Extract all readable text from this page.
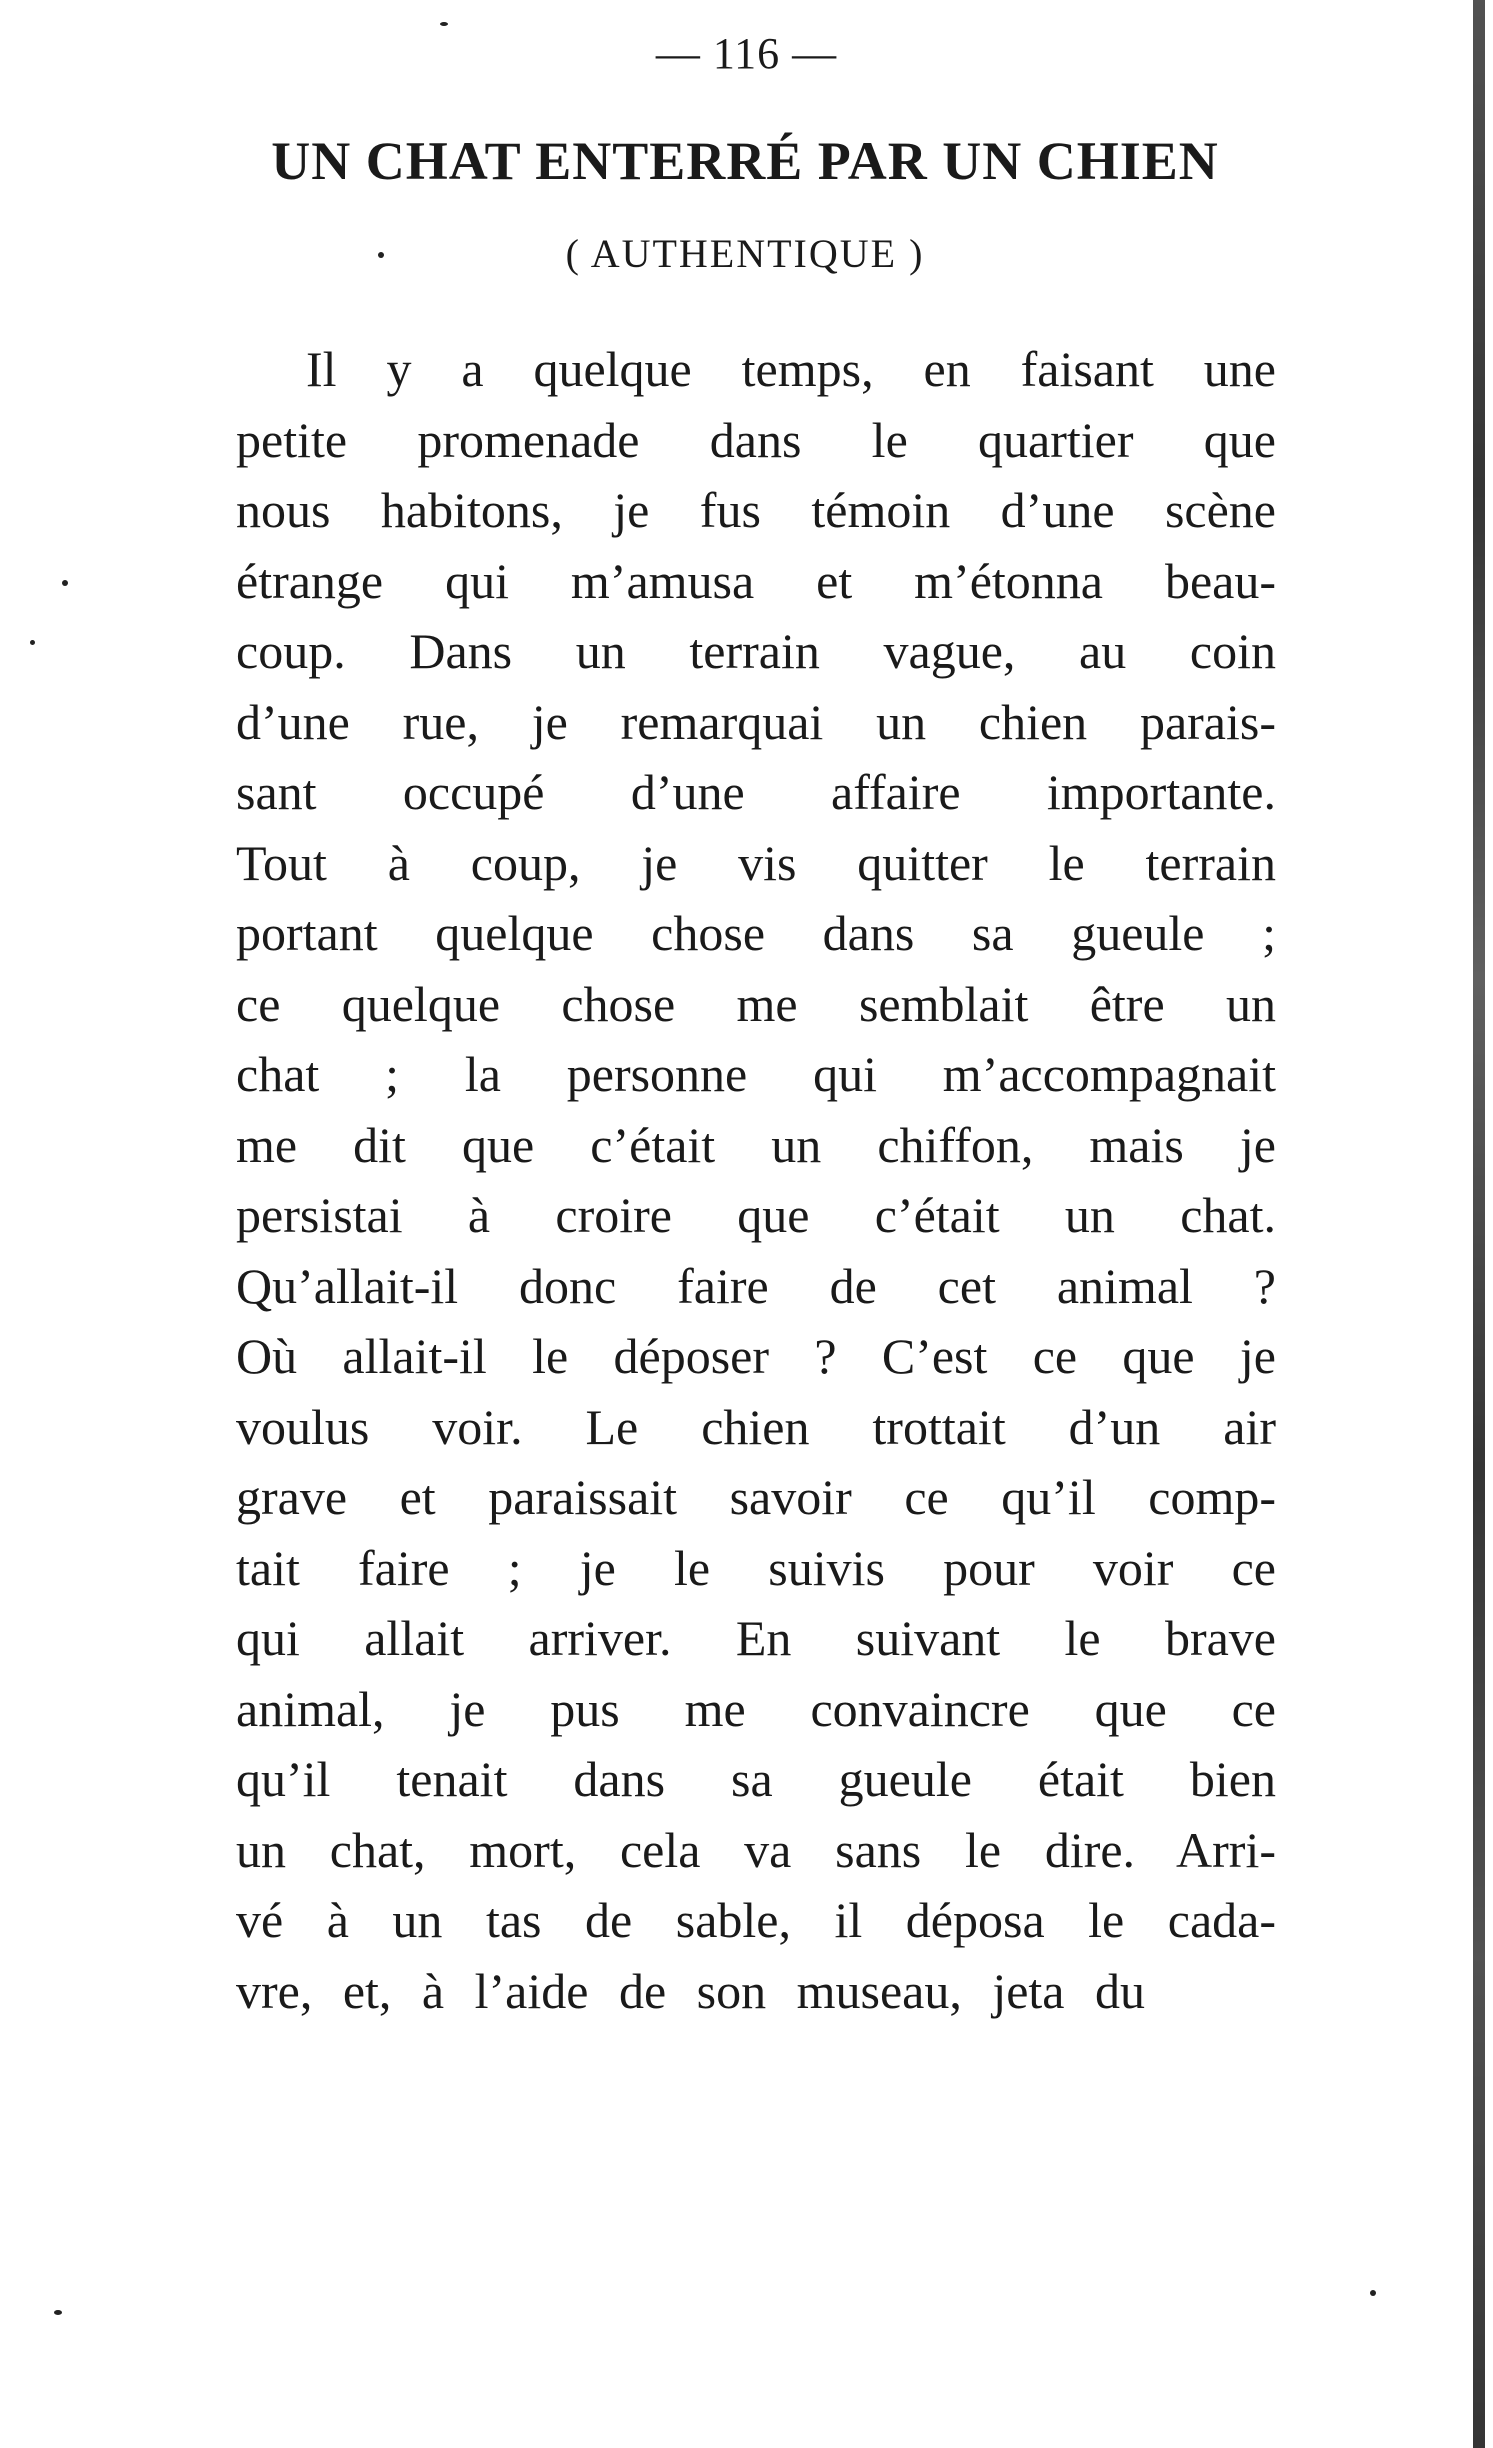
— 116 —
UN CHAT ENTERRÉ PAR UN CHIEN
( AUTHENTIQUE )
Il y a quelque temps, en faisant une
petite promenade dans le quartier que
nous habitons, je fus témoin d’une scène
étrange qui m’amusa et m’étonna beau-
coup. Dans un terrain vague, au coin
d’une rue, je remarquai un chien parais-
sant occupé d’une affaire importante.
Tout à coup, je vis quitter le terrain
portant quelque chose dans sa gueule ;
ce quelque chose me semblait être un
chat ; la personne qui m’accompagnait
me dit que c’était un chiffon, mais je
persistai à croire que c’était un chat.
Qu’allait-il donc faire de cet animal ?
Où allait-il le déposer ? C’est ce que je
voulus voir. Le chien trottait d’un air
grave et paraissait savoir ce qu’il comp-
tait faire ; je le suivis pour voir ce
qui allait arriver. En suivant le brave
animal, je pus me convaincre que ce
qu’il tenait dans sa gueule était bien
un chat, mort, cela va sans le dire. Arri-
vé à un tas de sable, il déposa le cada-
vre, et, à l’aide de son museau, jeta du
